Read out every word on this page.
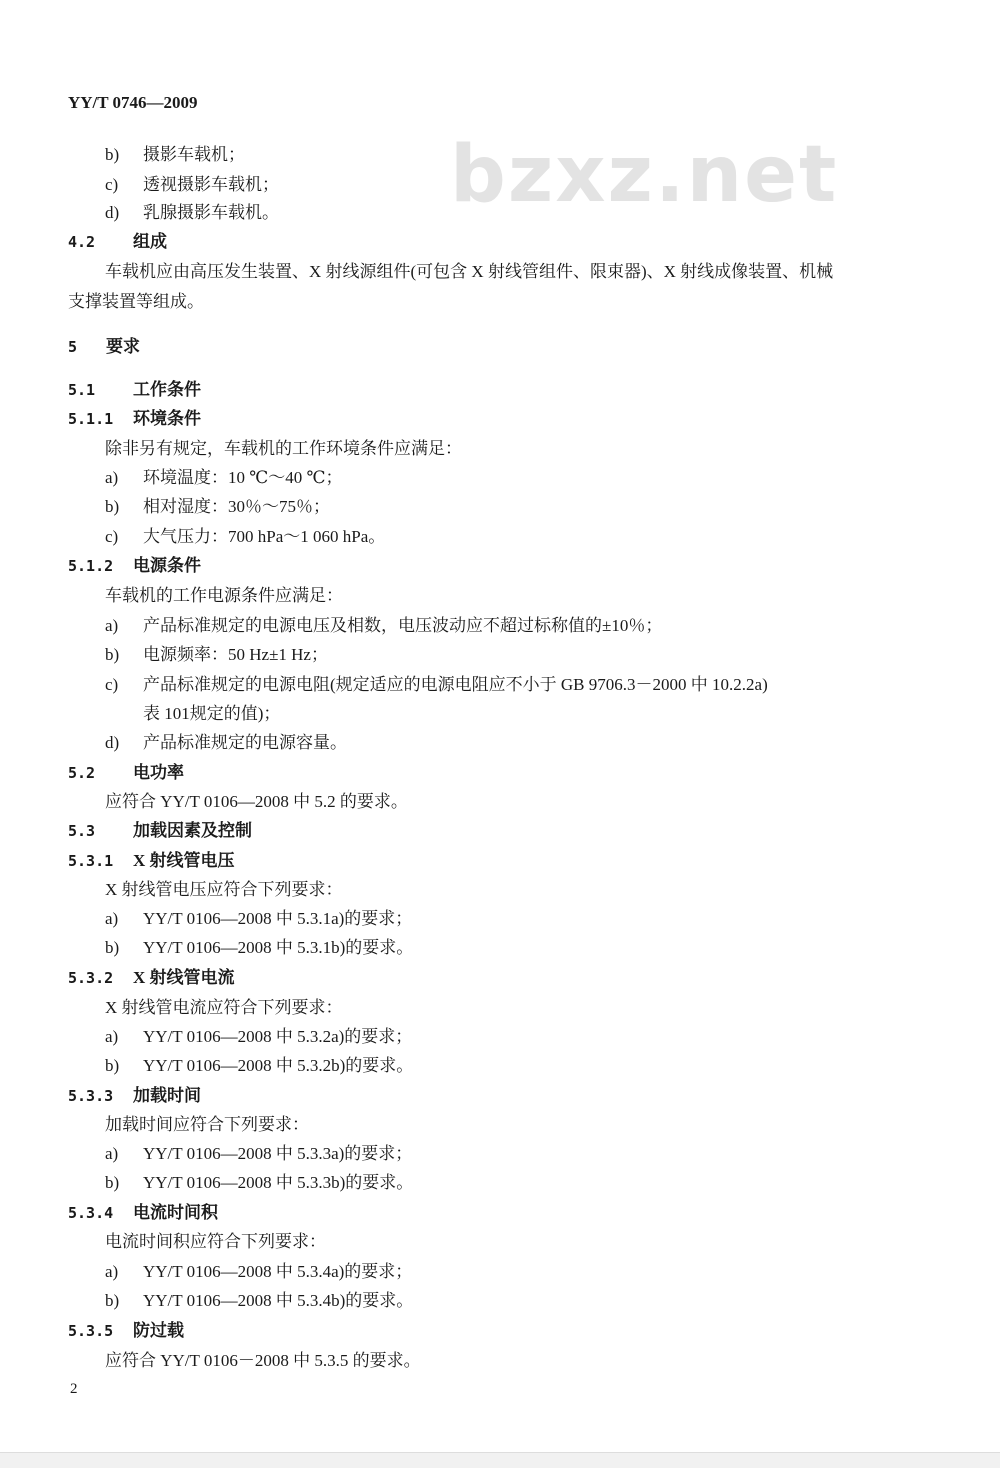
bzxz.net
YY/T 0746—2009
b) 摄影车载机；
c) 透视摄影车载机；
d) 乳腺摄影车载机。
4.2 组成
车载机应由高压发生装置、X 射线源组件(可包含 X 射线管组件、限束器)、X 射线成像装置、机械
支撑装置等组成。
5 要求
5.1 工作条件
5.1.1 环境条件
除非另有规定，车载机的工作环境条件应满足：
a) 环境温度：10 ℃～40 ℃；
b) 相对湿度：30％～75％；
c) 大气压力：700 hPa～1 060 hPa。
5.1.2 电源条件
车载机的工作电源条件应满足：
a) 产品标准规定的电源电压及相数，电压波动应不超过标称值的±10％；
b) 电源频率：50 Hz±1 Hz；
c) 产品标准规定的电源电阻(规定适应的电源电阻应不小于 GB 9706.3－2000 中 10.2.2a)
表 101规定的值)；
d) 产品标准规定的电源容量。
5.2 电功率
应符合 YY/T 0106—2008 中 5.2 的要求。
5.3 加载因素及控制
5.3.1 X 射线管电压
X 射线管电压应符合下列要求：
a) YY/T 0106—2008 中 5.3.1a)的要求；
b) YY/T 0106—2008 中 5.3.1b)的要求。
5.3.2 X 射线管电流
X 射线管电流应符合下列要求：
a) YY/T 0106—2008 中 5.3.2a)的要求；
b) YY/T 0106—2008 中 5.3.2b)的要求。
5.3.3 加载时间
加载时间应符合下列要求：
a) YY/T 0106—2008 中 5.3.3a)的要求；
b) YY/T 0106—2008 中 5.3.3b)的要求。
5.3.4 电流时间积
电流时间积应符合下列要求：
a) YY/T 0106—2008 中 5.3.4a)的要求；
b) YY/T 0106—2008 中 5.3.4b)的要求。
5.3.5 防过载
应符合 YY/T 0106－2008 中 5.3.5 的要求。
2
